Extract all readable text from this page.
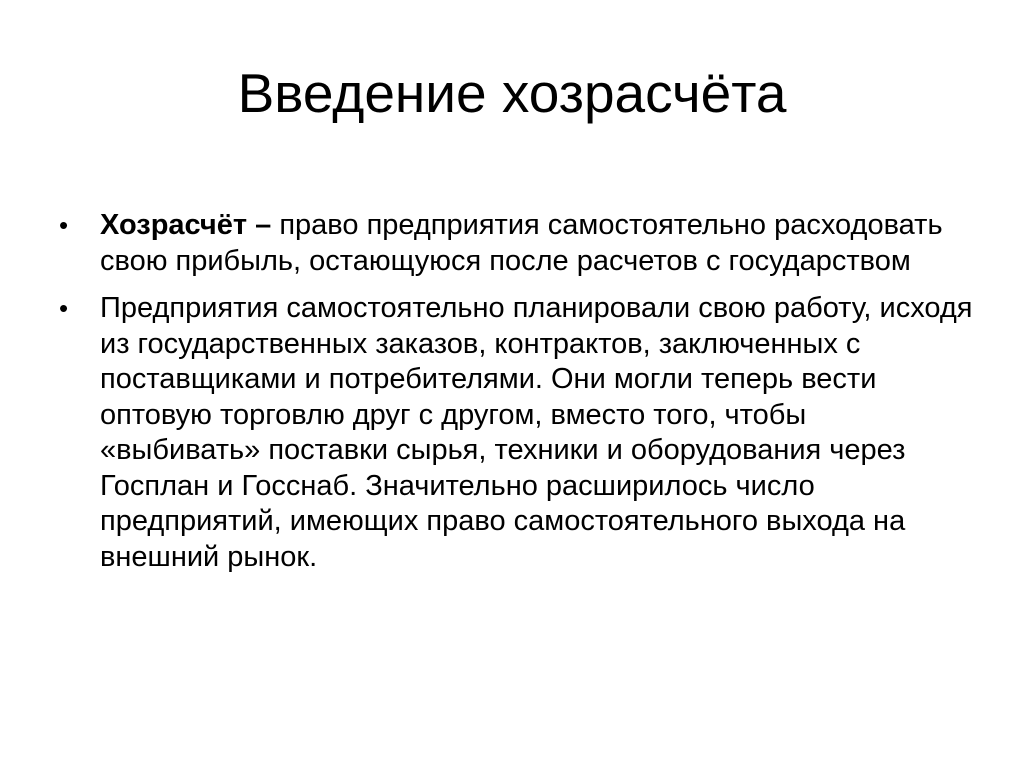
Введение хозрасчёта
• Хозрасчёт – право предприятия самостоятельно расходовать свою прибыль, остающуюся после расчетов с государством
• Предприятия самостоятельно планировали свою работу, исходя из государственных заказов, контрактов, заключенных с поставщиками и потребителями. Они могли теперь вести оптовую торговлю друг с другом, вместо того, чтобы «выбивать» поставки сырья, техники и оборудования через Госплан и Госснаб. Значительно расширилось число предприятий, имеющих право самостоятельного выхода на внешний рынок.
